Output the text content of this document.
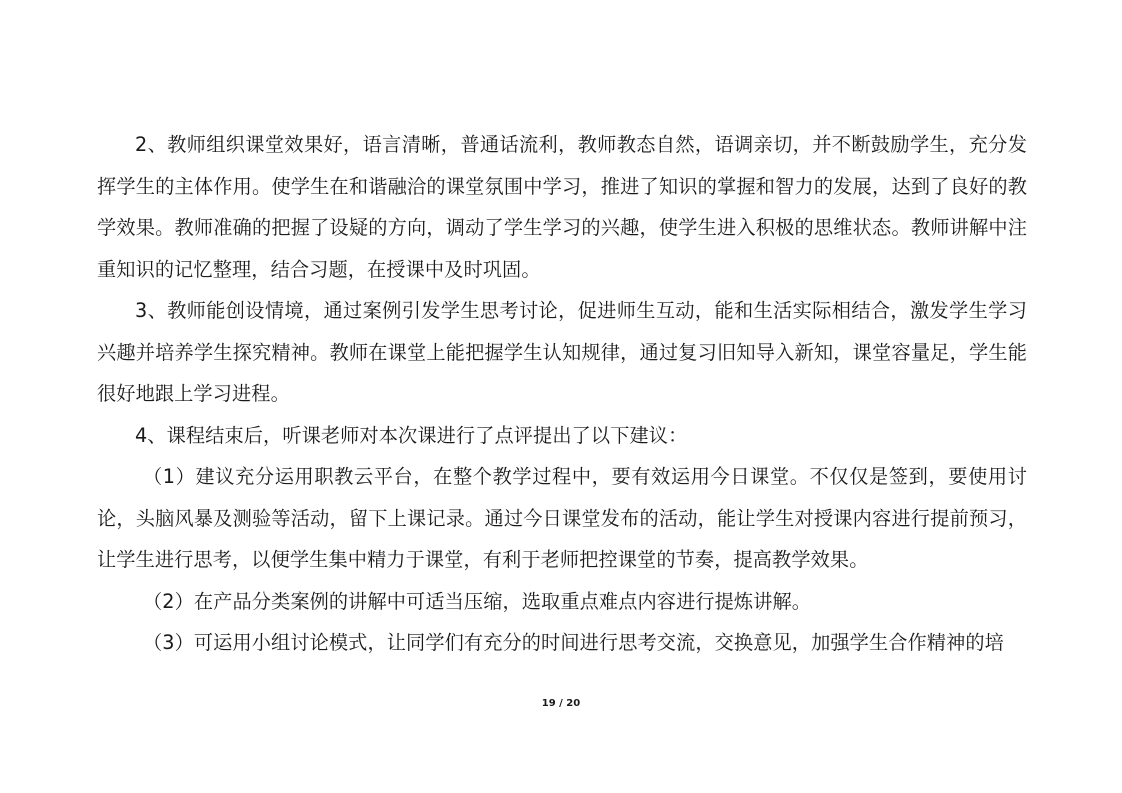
2、教师组织课堂效果好，语言清晰，普通话流利，教师教态自然，语调亲切，并不断鼓励学生，充分发挥学生的主体作用。使学生在和谐融洽的课堂氛围中学习，推进了知识的掌握和智力的发展，达到了良好的教学效果。教师准确的把握了设疑的方向，调动了学生学习的兴趣，使学生进入积极的思维状态。教师讲解中注重知识的记忆整理，结合习题，在授课中及时巩固。

3、教师能创设情境，通过案例引发学生思考讨论，促进师生互动，能和生活实际相结合，激发学生学习兴趣并培养学生探究精神。教师在课堂上能把握学生认知规律，通过复习旧知导入新知，课堂容量足，学生能很好地跟上学习进程。

4、课程结束后，听课老师对本次课进行了点评提出了以下建议：

（1）建议充分运用职教云平台，在整个教学过程中，要有效运用今日课堂。不仅仅是签到，要使用讨论，头脑风暴及测验等活动，留下上课记录。通过今日课堂发布的活动，能让学生对授课内容进行提前预习，让学生进行思考，以便学生集中精力于课堂，有利于老师把控课堂的节奏，提高教学效果。

（2）在产品分类案例的讲解中可适当压缩，选取重点难点内容进行提炼讲解。

（3）可运用小组讨论模式，让同学们有充分的时间进行思考交流，交换意见，加强学生合作精神的培

19 / 20
